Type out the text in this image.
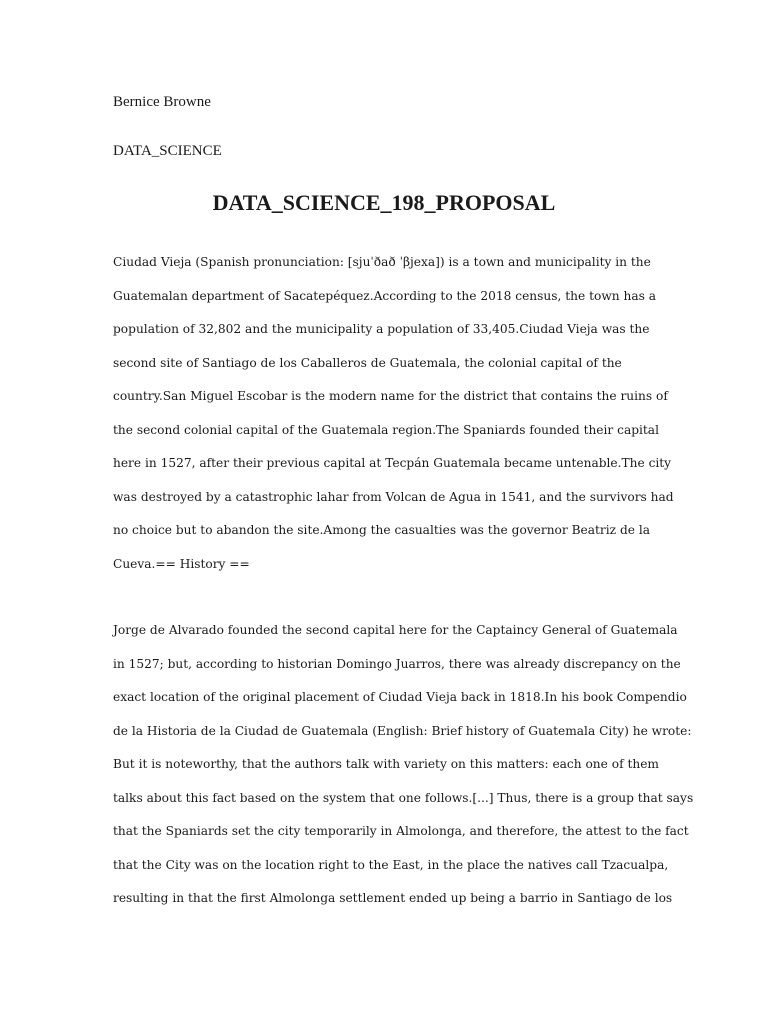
Bernice Browne
DATA_SCIENCE
DATA_SCIENCE_198_PROPOSAL
Ciudad Vieja (Spanish pronunciation: [sjuˈðað ˈβjexa]) is a town and municipality in the
Guatemalan department of Sacatepéquez.According to the 2018 census, the town has a
population of 32,802 and the municipality a population of 33,405.Ciudad Vieja was the
second site of Santiago de los Caballeros de Guatemala, the colonial capital of the
country.San Miguel Escobar is the modern name for the district that contains the ruins of
the second colonial capital of the Guatemala region.The Spaniards founded their capital
here in 1527, after their previous capital at Tecpán Guatemala became untenable.The city
was destroyed by a catastrophic lahar from Volcan de Agua in 1541, and the survivors had
no choice but to abandon the site.Among the casualties was the governor Beatriz de la
Cueva.== History ==
Jorge de Alvarado founded the second capital here for the Captaincy General of Guatemala
in 1527; but, according to historian Domingo Juarros, there was already discrepancy on the
exact location of the original placement of Ciudad Vieja back in 1818.In his book Compendio
de la Historia de la Ciudad de Guatemala (English: Brief history of Guatemala City) he wrote:
But it is noteworthy, that the authors talk with variety on this matters: each one of them
talks about this fact based on the system that one follows.[...] Thus, there is a group that says
that the Spaniards set the city temporarily in Almolonga, and therefore, the attest to the fact
that the City was on the location right to the East, in the place the natives call Tzacualpa,
resulting in that the first Almolonga settlement ended up being a barrio in Santiago de los
